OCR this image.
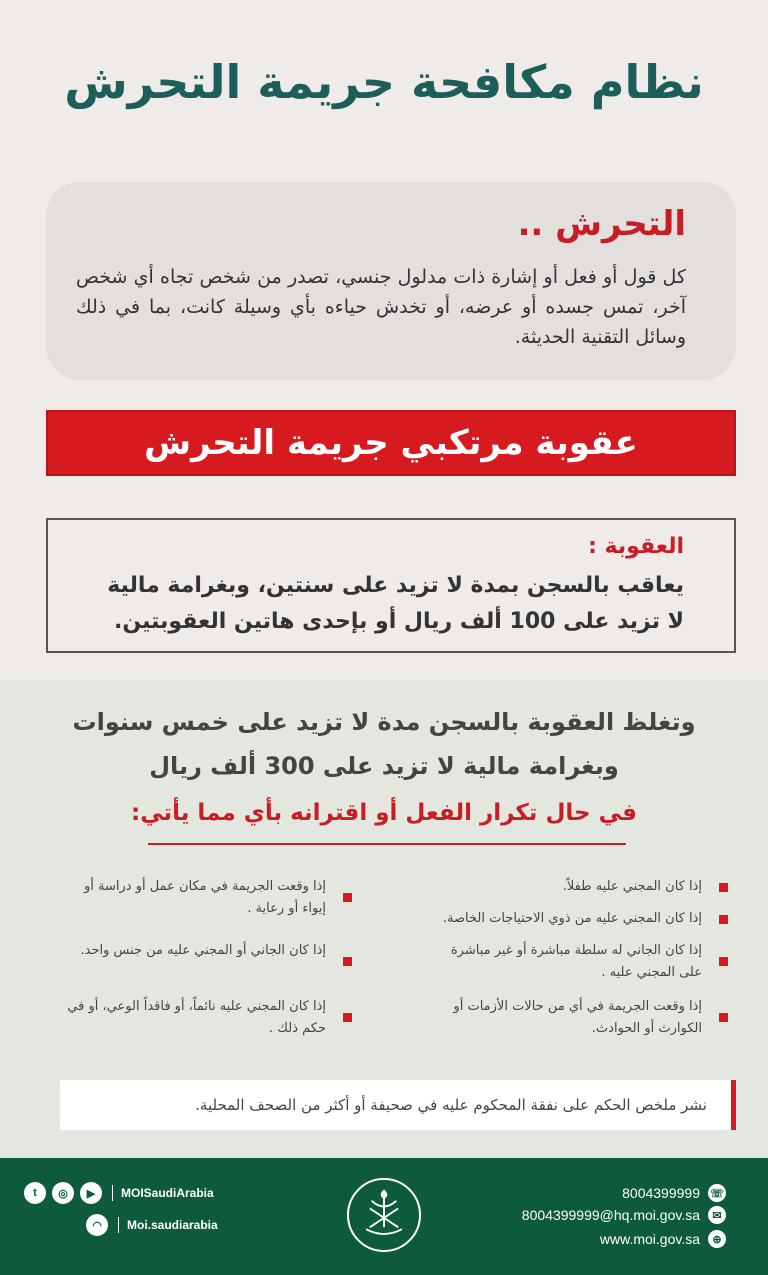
نظام مكافحة جريمة التحرش
التحرش ..
كل قول أو فعل أو إشارة ذات مدلول جنسي، تصدر من شخص تجاه أي شخص آخر، تمس جسده أو عرضه، أو تخدش حياءه بأي وسيلة كانت، بما في ذلك وسائل التقنية الحديثة.
عقوبة مرتكبي جريمة التحرش
العقوبة :
يعاقب بالسجن بمدة لا تزيد على سنتين، وبغرامة مالية لا تزيد على 100 ألف ريال أو بإحدى هاتين العقوبتين.
وتغلظ العقوبة بالسجن مدة لا تزيد على خمس سنوات وبغرامة مالية لا تزيد على 300 ألف ريال
في حال تكرار الفعل أو اقترانه بأي مما يأتي:
إذا كان المجني عليه طفلاً.
إذا كان المجني عليه من ذوي الاحتياجات الخاصة.
إذا كان الجاني له سلطة مباشرة أو غير مباشرة على المجني عليه .
إذا وقعت الجريمة في أي من حالات الأزمات أو الكوارث أو الحوادث.
إذا وقعت الجريمة في مكان عمل أو دراسة أو إيواء أو رعاية .
إذا كان الجاني أو المجني عليه من جنس واحد.
إذا كان المجني عليه نائماً، أو فاقداً الوعي، أو في حكم ذلك .
نشر ملخص الحكم على نفقة المحكوم عليه في صحيفة أو أكثر من الصحف المحلية.
8004399999 ☏
8004399999@hq.moi.gov.sa	✉
www.moi.gov.sa	⊕
t	◎	▶	MOISaudiArabia
◠	Moi.saudiarabia
